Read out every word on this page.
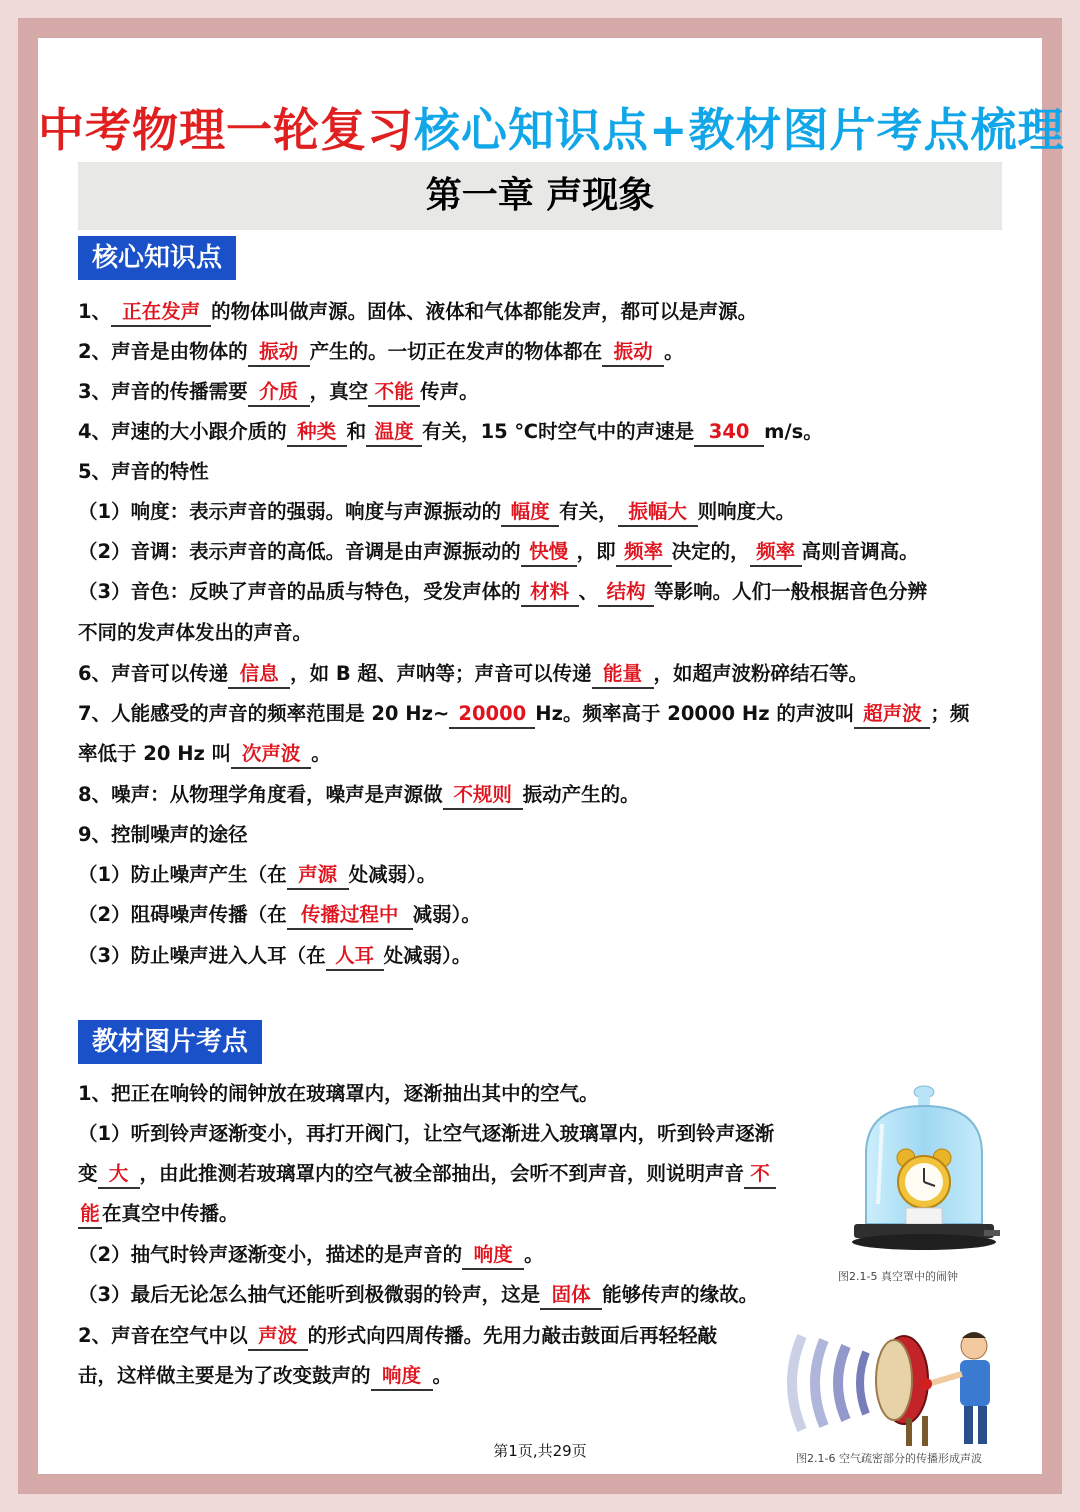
中考物理一轮复习核心知识点+教材图片考点梳理
第一章 声现象
核心知识点
1、 正在发声 的物体叫做声源。固体、液体和气体都能发声，都可以是声源。
2、声音是由物体的 振动 产生的。一切正在发声的物体都在 振动 。
3、声音的传播需要 介质 ，真空 不能 传声。
4、声速的大小跟介质的 种类 和 温度 有关，15 ℃时空气中的声速是 340 m/s。
5、声音的特性
（1）响度：表示声音的强弱。响度与声源振动的 幅度 有关， 振幅大 则响度大。
（2）音调：表示声音的高低。音调是由声源振动的 快慢 ，即 频率 决定的， 频率 高则音调高。
（3）音色：反映了声音的品质与特色，受发声体的 材料 、 结构 等影响。人们一般根据音色分辨
不同的发声体发出的声音。
6、声音可以传递 信息 ，如 B 超、声呐等；声音可以传递 能量 ，如超声波粉碎结石等。
7、人能感受的声音的频率范围是 20 Hz~ 20000 Hz。频率高于 20000 Hz 的声波叫 超声波 ；频
率低于 20 Hz 叫 次声波 。
8、噪声：从物理学角度看，噪声是声源做 不规则 振动产生的。
9、控制噪声的途径
（1）防止噪声产生（在 声源 处减弱）。
（2）阻碍噪声传播（在 传播过程中 减弱）。
（3）防止噪声进入人耳（在 人耳 处减弱）。
教材图片考点
1、把正在响铃的闹钟放在玻璃罩内，逐渐抽出其中的空气。
（1）听到铃声逐渐变小，再打开阀门，让空气逐渐进入玻璃罩内，听到铃声逐渐
变 大 ，由此推测若玻璃罩内的空气被全部抽出，会听不到声音，则说明声音 不
能 在真空中传播。
（2）抽气时铃声逐渐变小，描述的是声音的 响度 。
（3）最后无论怎么抽气还能听到极微弱的铃声，这是 固体 能够传声的缘故。
2、声音在空气中以 声波 的形式向四周传播。先用力敲击鼓面后再轻轻敲
击，这样做主要是为了改变鼓声的 响度 。
图2.1-5 真空罩中的闹钟
图2.1-6 空气疏密部分的传播形成声波
第1页,共29页
